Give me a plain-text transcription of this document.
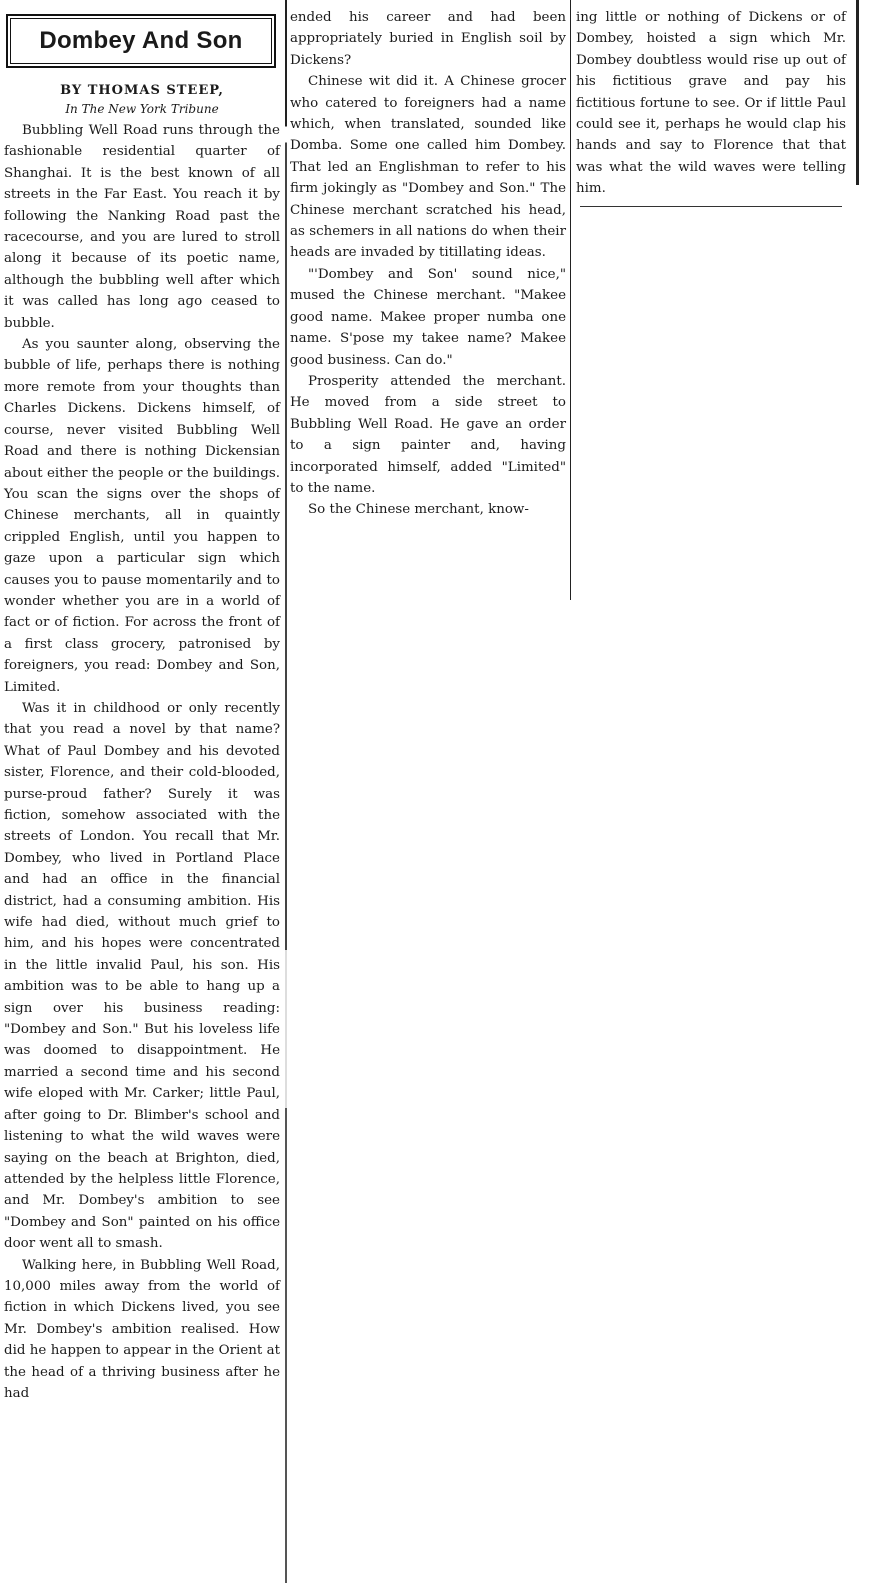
Dombey And Son
BY THOMAS STEEP,
In The New York Tribune

Bubbling Well Road runs through the fashionable residential quarter of Shanghai. It is the best known of all streets in the Far East. You reach it by following the Nanking Road past the racecourse, and you are lured to stroll along it because of its poetic name, although the bubbling well after which it was called has long ago ceased to bubble.

As you saunter along, observing the bubble of life, perhaps there is nothing more remote from your thoughts than Charles Dickens. Dickens himself, of course, never visited Bubbling Well Road and there is nothing Dickensian about either the people or the buildings. You scan the signs over the shops of Chinese merchants, all in quaintly crippled English, until you happen to gaze upon a particular sign which causes you to pause momentarily and to wonder whether you are in a world of fact or of fiction. For across the front of a first class grocery, patronised by foreigners, you read: Dombey and Son, Limited.

Was it in childhood or only recently that you read a novel by that name? What of Paul Dombey and his devoted sister, Florence, and their cold-blooded, purse-proud father? Surely it was fiction, somehow associated with the streets of London. You recall that Mr. Dombey, who lived in Portland Place and had an office in the financial district, had a consuming ambition. His wife had died, without much grief to him, and his hopes were concentrated in the little invalid Paul, his son. His ambition was to be able to hang up a sign over his business reading: "Dombey and Son." But his loveless life was doomed to disappointment. He married a second time and his second wife eloped with Mr. Carker; little Paul, after going to Dr. Blimber's school and listening to what the wild waves were saying on the beach at Brighton, died, attended by the helpless little Florence, and Mr. Dombey's ambition to see "Dombey and Son" painted on his office door went all to smash.

Walking here, in Bubbling Well Road, 10,000 miles away from the world of fiction in which Dickens lived, you see Mr. Dombey's ambition realised. How did he happen to appear in the Orient at the head of a thriving business after he had

ended his career and had been appropriately buried in English soil by Dickens?

Chinese wit did it. A Chinese grocer who catered to foreigners had a name which, when translated, sounded like Domba. Some one called him Dombey. That led an Englishman to refer to his firm jokingly as "Dombey and Son." The Chinese merchant scratched his head, as schemers in all nations do when their heads are invaded by titillating ideas.

"'Dombey and Son' sound nice," mused the Chinese merchant. "Makee good name. Makee proper numba one name. S'pose my takee name? Makee good business. Can do."

Prosperity attended the merchant. He moved from a side street to Bubbling Well Road. He gave an order to a sign painter and, having incorporated himself, added "Limited" to the name.

So the Chinese merchant, know-

ing little or nothing of Dickens or of Dombey, hoisted a sign which Mr. Dombey doubtless would rise up out of his fictitious grave and pay his fictitious fortune to see. Or if little Paul could see it, perhaps he would clap his hands and say to Florence that that was what the wild waves were telling him.
